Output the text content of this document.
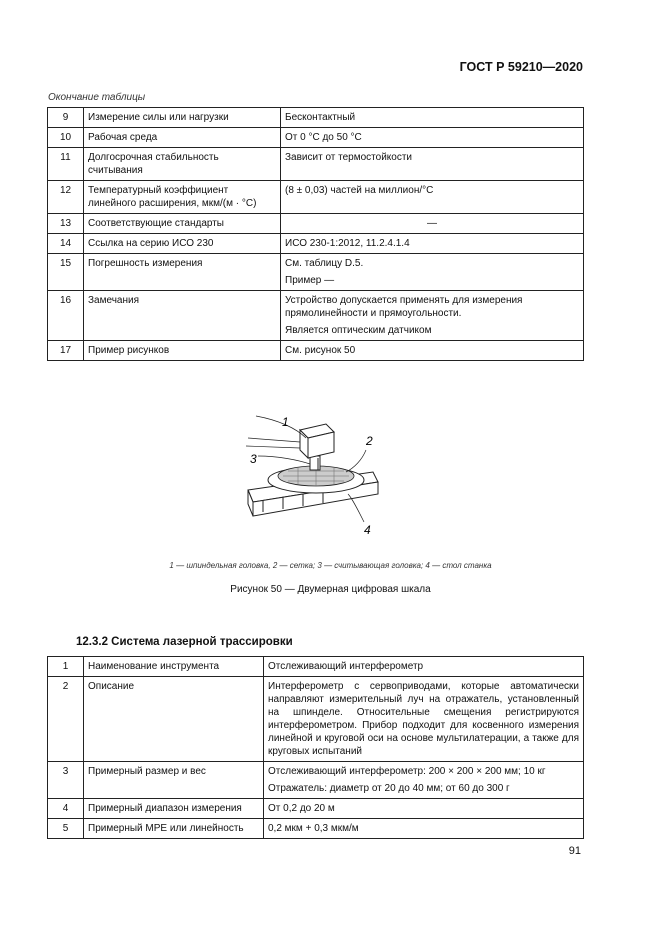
ГОСТ Р 59210—2020
Окончание таблицы
9	Измерение силы или нагрузки	Бесконтактный

10	Рабочая среда	От 0 °С до 50 °С

11	Долгосрочная стабильность считывания	Зависит от термостойкости

12	Температурный коэффициент линейного расширения, мкм/(м · °С)	(8 ± 0,03) частей на миллион/°С

13	Соответствующие стандарты	—

14	Ссылка на серию ИСО 230	ИСО 230-1:2012, 11.2.4.1.4

15	Погрешность измерения	См. таблицу D.5.

Пример —

16	Замечания	Устройство допускается применять для измерения прямолинейности и прямоугольности.

Является оптическим датчиком

17	Пример рисунков	См. рисунок 50

1
2
3
4
1 — шпиндельная головка, 2 — сетка; 3 — считывающая головка; 4 — стол станка
Рисунок 50 — Двумерная цифровая шкала
12.3.2 Система лазерной трассировки
1	Наименование инструмента	Отслеживающий интерферометр

2	Описание	Интерферометр с сервоприводами, которые автоматически направляют измерительный луч на отражатель, установленный на шпинделе. Относительные смещения регистрируются интерферометром. Прибор подходит для косвенного измерения линейной и круговой оси на основе мультилатерации, а также для круговых испытаний

3	Примерный размер и вес	Отслеживающий интерферометр: 200 × 200 × 200 мм; 10 кг

Отражатель: диаметр от 20 до 40 мм; от 60 до 300 г

4	Примерный диапазон измерения	От 0,2 до 20 м

5	Примерный MPE или линейность	0,2 мкм + 0,3 мкм/м

91
